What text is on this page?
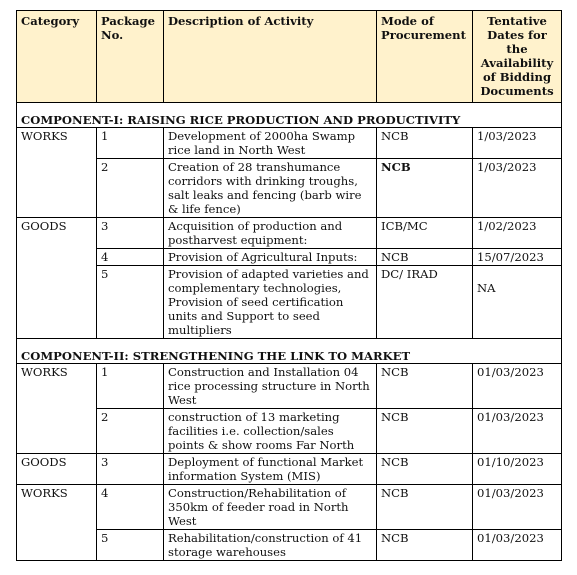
Category	Package No.	Description of Activity	Mode of Procurement	Tentative Dates for the Availability of Bidding Documents

COMPONENT-I: RAISING RICE PRODUCTION AND PRODUCTIVITY				
WORKS	1	Development of 2000ha Swamp rice land in North West	NCB	1/03/2023
	2	Creation of 28 transhumance corridors with drinking troughs, salt leaks and fencing (barb wire & life fence)	NCB	1/03/2023
GOODS	3	Acquisition of production and postharvest equipment:	ICB/MC	1/02/2023
	4	Provision of Agricultural Inputs:	NCB	15/07/2023
	5	Provision of adapted varieties and complementary technologies, Provision of seed certification units and Support to seed multipliers	DC/ IRAD	NA

COMPONENT-II: STRENGTHENING THE LINK TO MARKET				
WORKS	1	Construction and Installation 04 rice processing structure in North West	NCB	01/03/2023
	2	construction of 13 marketing facilities i.e. collection/sales points & show rooms Far North	NCB	01/03/2023
GOODS	3	Deployment of functional Market information System (MIS)	NCB	01/10/2023
WORKS	4	Construction/Rehabilitation of 350km of feeder road in North West	NCB	01/03/2023
	5	Rehabilitation/construction of 41 storage warehouses	NCB	01/03/2023
